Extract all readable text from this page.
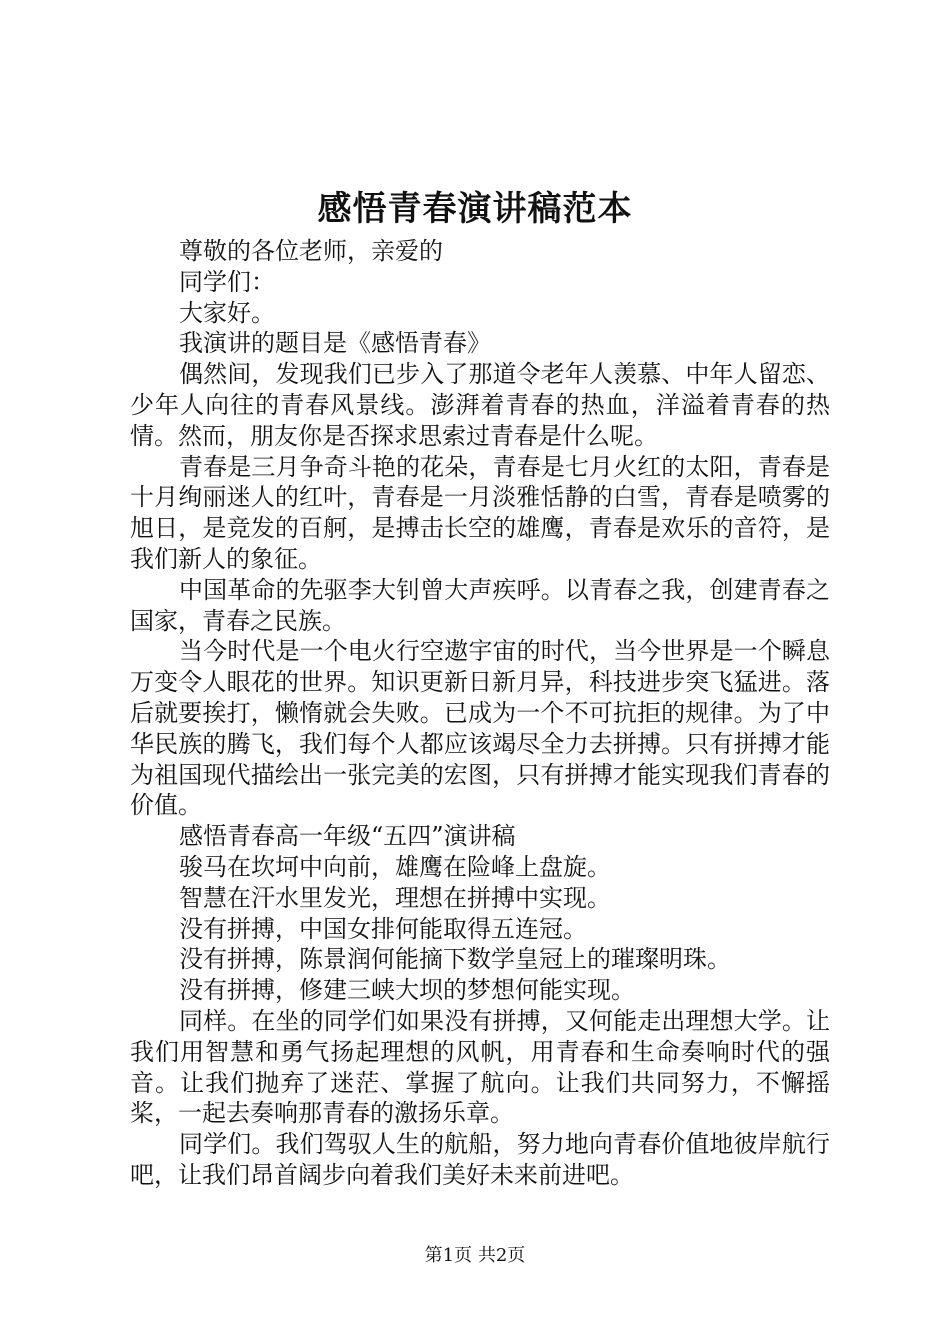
感悟青春演讲稿范本

尊敬的各位老师，亲爱的

同学们：

大家好。

我演讲的题目是《感悟青春》

偶然间，发现我们已步入了那道令老年人羡慕、中年人留恋、少年人向往的青春风景线。澎湃着青春的热血，洋溢着青春的热情。然而，朋友你是否探求思索过青春是什么呢。

青春是三月争奇斗艳的花朵，青春是七月火红的太阳，青春是十月绚丽迷人的红叶，青春是一月淡雅恬静的白雪，青春是喷雾的旭日，是竞发的百舸，是搏击长空的雄鹰，青春是欢乐的音符，是我们新人的象征。

中国革命的先驱李大钊曾大声疾呼。以青春之我，创建青春之国家，青春之民族。

当今时代是一个电火行空遨宇宙的时代，当今世界是一个瞬息万变令人眼花的世界。知识更新日新月异，科技进步突飞猛进。落后就要挨打，懒惰就会失败。已成为一个不可抗拒的规律。为了中华民族的腾飞，我们每个人都应该竭尽全力去拼搏。只有拼搏才能为祖国现代描绘出一张完美的宏图，只有拼搏才能实现我们青春的价值。

感悟青春高一年级“五四”演讲稿

骏马在坎坷中向前，雄鹰在险峰上盘旋。

智慧在汗水里发光，理想在拼搏中实现。

没有拼搏，中国女排何能取得五连冠。

没有拼搏，陈景润何能摘下数学皇冠上的璀璨明珠。

没有拼搏，修建三峡大坝的梦想何能实现。

同样。在坐的同学们如果没有拼搏，又何能走出理想大学。让我们用智慧和勇气扬起理想的风帆，用青春和生命奏响时代的强音。让我们抛弃了迷茫、掌握了航向。让我们共同努力，不懈摇桨，一起去奏响那青春的激扬乐章。

同学们。我们驾驭人生的航船，努力地向青春价值地彼岸航行吧，让我们昂首阔步向着我们美好未来前进吧。

第1页 共2页
